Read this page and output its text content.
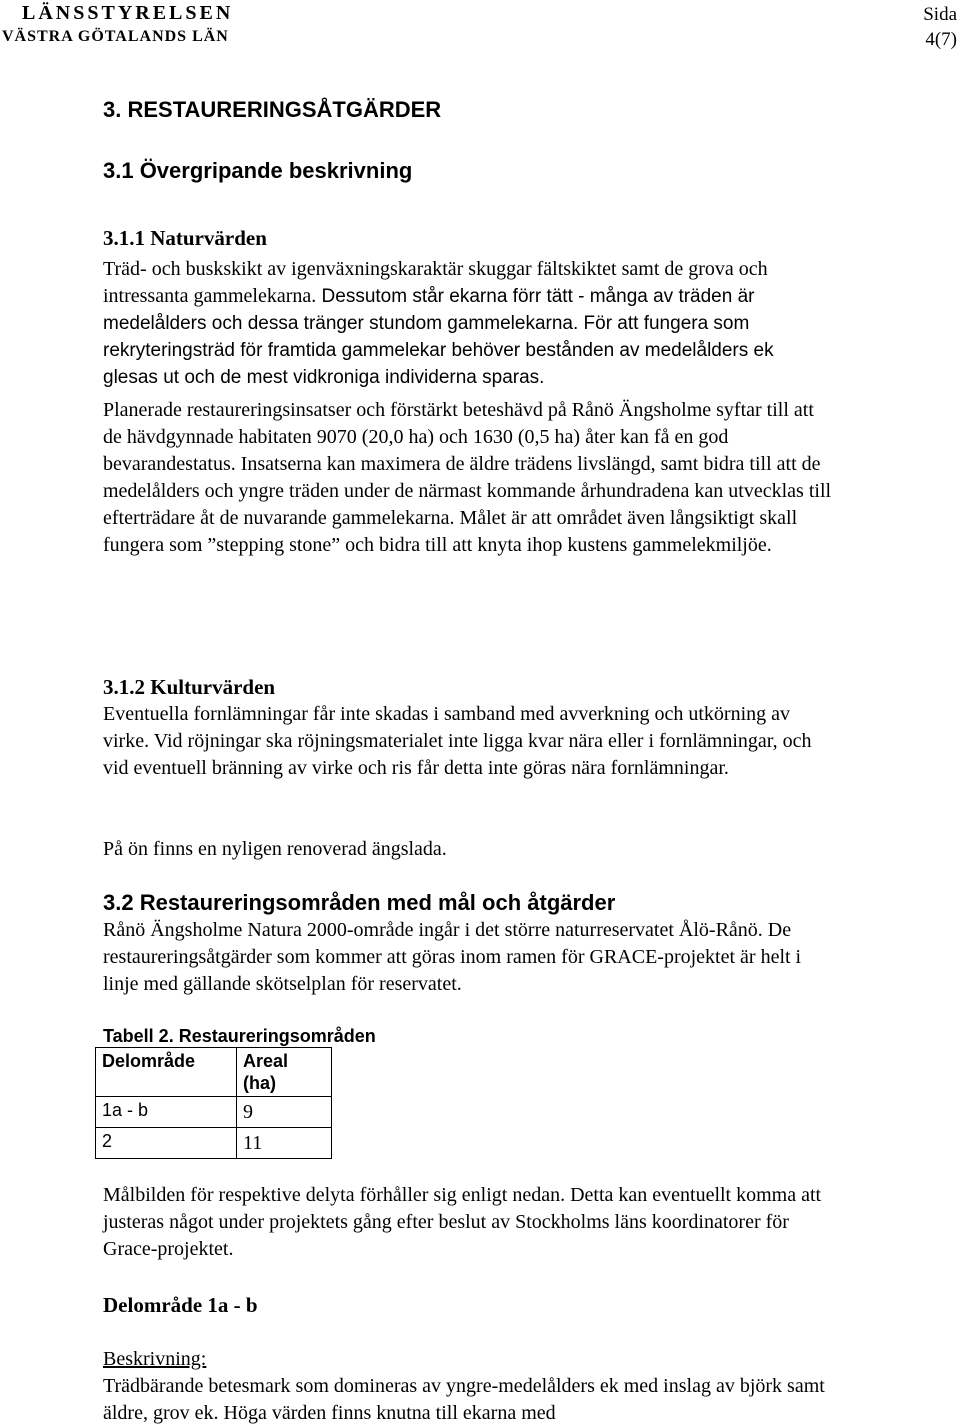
LÄNSSTYRELSEN
VÄSTRA GÖTALANDS LÄN
Sida
4(7)
3. RESTAURERINGSÅTGÄRDER
3.1 Övergripande beskrivning
3.1.1 Naturvärden

Träd- och buskskikt av igenväxningskaraktär skuggar fältskiktet samt de grova och intressanta gammelekarna. Dessutom står ekarna förr tätt - många av träden är medelålders och dessa tränger stundom gammelekarna. För att fungera som rekryteringsträd för framtida gammelekar behöver bestånden av medelålders ek glesas ut och de mest vidkroniga individerna sparas.

Planerade restaureringsinsatser och förstärkt beteshävd på Rånö Ängsholme syftar till att de hävdgynnade habitaten 9070 (20,0 ha) och 1630 (0,5 ha) åter kan få en god bevarandestatus. Insatserna kan maximera de äldre trädens livslängd, samt bidra till att de medelålders och yngre träden under de närmast kommande århundradena kan utvecklas till efterträdare åt de nuvarande gammelekarna. Målet är att området även långsiktigt skall fungera som ”stepping stone” och bidra till att knyta ihop kustens gammelekmiljöe.

3.1.2 Kulturvärden

Eventuella fornlämningar får inte skadas i samband med avverkning och utkörning av virke. Vid röjningar ska röjningsmaterialet inte ligga kvar nära eller i fornlämningar, och vid eventuell bränning av virke och ris får detta inte göras nära fornlämningar.

På ön finns en nyligen renoverad ängslada.

3.2 Restaureringsområden med mål och åtgärder

Rånö Ängsholme Natura 2000-område ingår i det större naturreservatet Ålö-Rånö. De restaureringsåtgärder som kommer att göras inom ramen för GRACE-projektet är helt i linje med gällande skötselplan för reservatet.

Tabell 2. Restaureringsområden
Delområde	Areal (ha)
1a - b	9
2	11

Målbilden för respektive delyta förhåller sig enligt nedan. Detta kan eventuellt komma att justeras något under projektets gång efter beslut av Stockholms läns koordinatorer för Grace-projektet.

Delområde 1a - b

Beskrivning:

Trädbärande betesmark som domineras av yngre-medelålders ek med inslag av björk samt äldre, grov ek. Höga värden finns knutna till ekarna med
